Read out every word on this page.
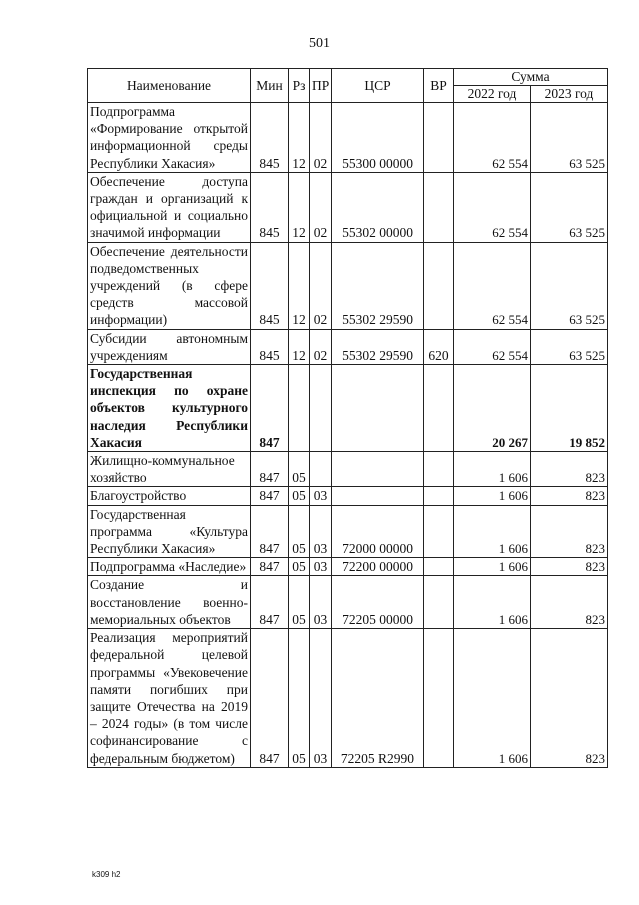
501
Наименование	Мин	Рз	ПР	ЦСР	ВР	Сумма	
						2022 год	2023 год
Подпрограмма «Формирование открытой информационной среды Республики Хакасия»	845	12	02	55300 00000		62 554	63 525
Обеспечение доступа граждан и организаций к официальной и социально значимой информации	845	12	02	55302 00000		62 554	63 525
Обеспечение деятельности подведомственных учреждений (в сфере средств массовой информации)	845	12	02	55302 29590		62 554	63 525
Субсидии автономным учреждениям	845	12	02	55302 29590	620	62 554	63 525
Государственная инспекция по охране объектов культурного наследия Республики Хакасия	847					20 267	19 852
Жилищно-коммунальное хозяйство	847	05				1 606	823
Благоустройство	847	05	03			1 606	823
Государственная программа «Культура Республики Хакасия»	847	05	03	72000 00000		1 606	823
Подпрограмма «Наследие»	847	05	03	72200 00000		1 606	823
Создание и восстановление военно-мемориальных объектов	847	05	03	72205 00000		1 606	823
Реализация мероприятий федеральной целевой программы «Увековечение памяти погибших при защите Отечества на 2019 – 2024 годы» (в том числе софинансирование с федеральным бюджетом)	847	05	03	72205 R2990		1 606	823
k309 h2
